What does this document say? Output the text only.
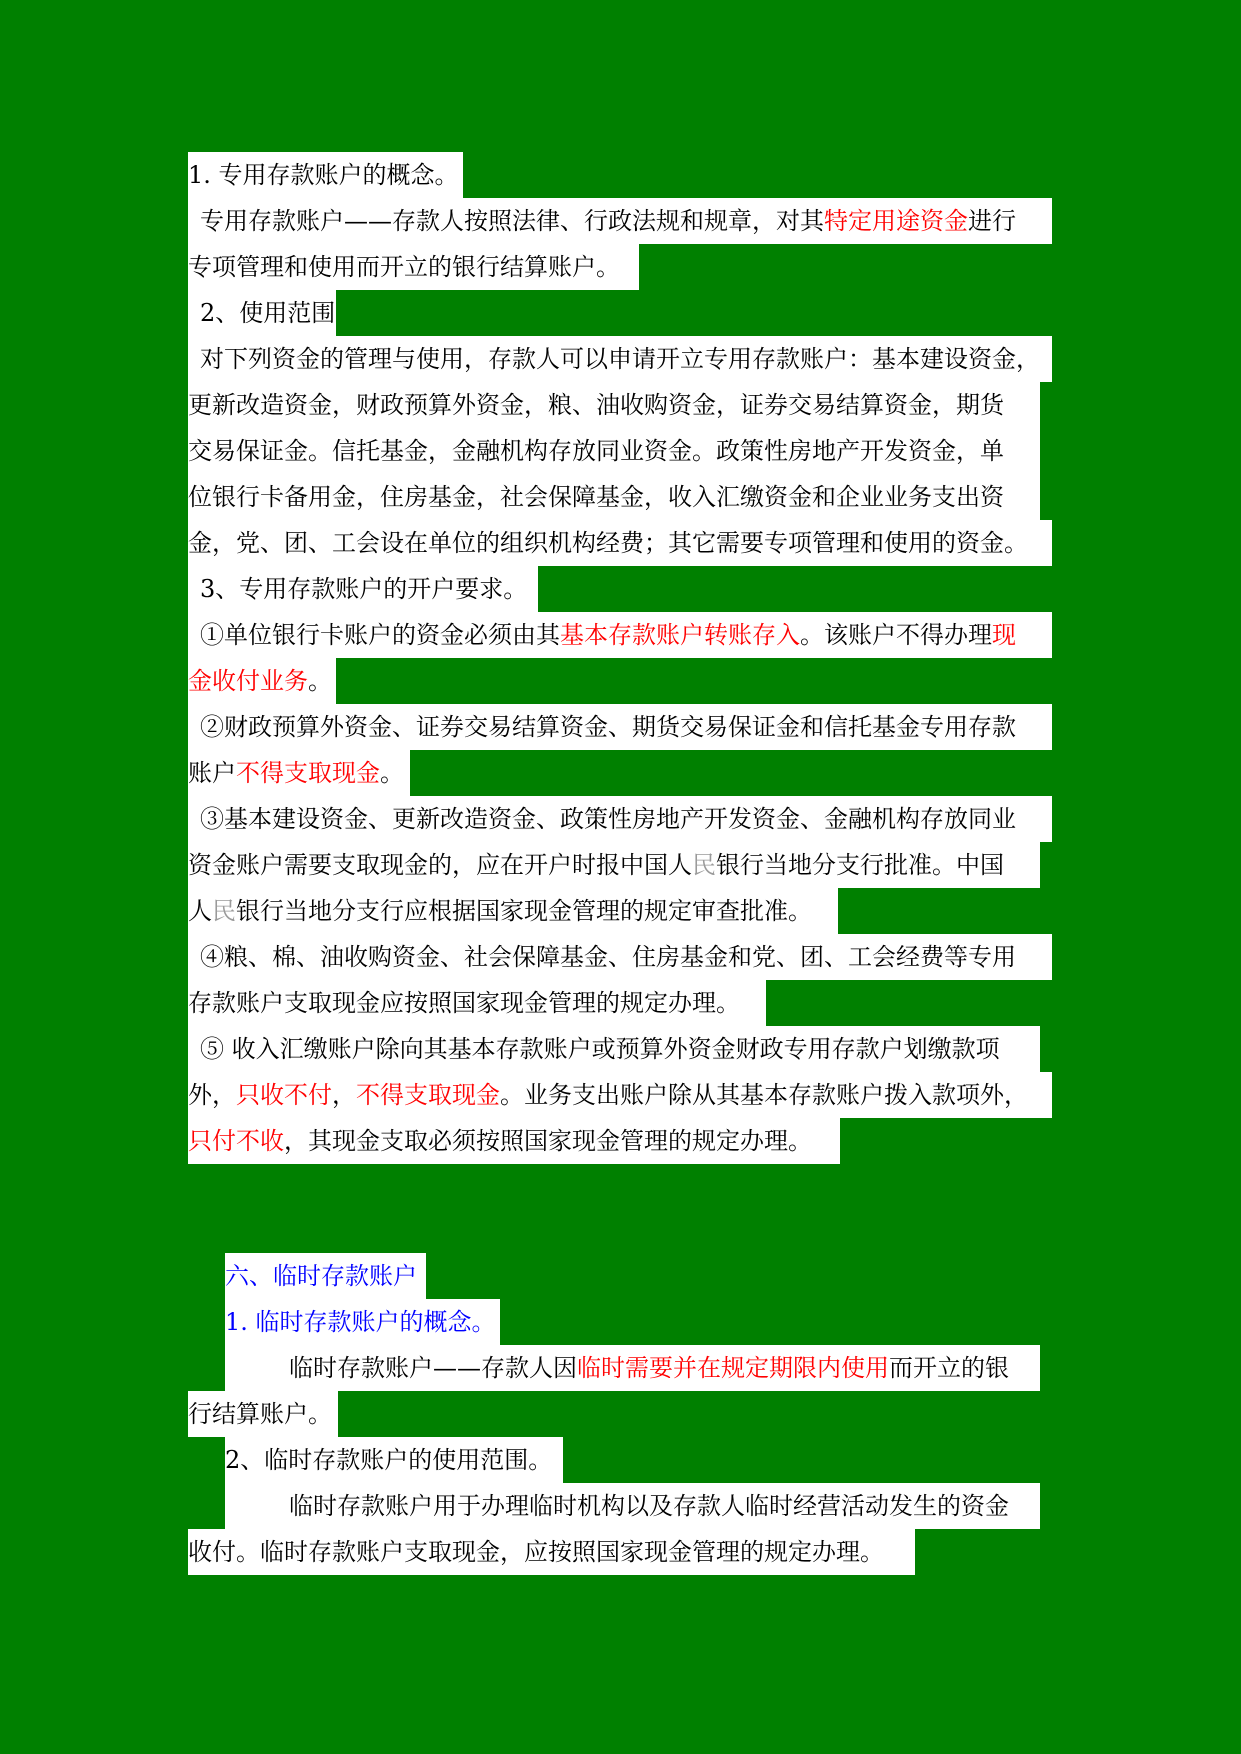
1. 专用存款账户的概念。
专用存款账户——存款人按照法律、行政法规和规章，对其特定用途资金进行
专项管理和使用而开立的银行结算账户。
2、使用范围
对下列资金的管理与使用，存款人可以申请开立专用存款账户：基本建设资金，
更新改造资金，财政预算外资金，粮、油收购资金，证券交易结算资金，期货
交易保证金。信托基金，金融机构存放同业资金。政策性房地产开发资金，单
位银行卡备用金，住房基金，社会保障基金，收入汇缴资金和企业业务支出资
金，党、团、工会设在单位的组织机构经费；其它需要专项管理和使用的资金。
3、专用存款账户的开户要求。
①单位银行卡账户的资金必须由其基本存款账户转账存入。该账户不得办理现
金收付业务。
②财政预算外资金、证券交易结算资金、期货交易保证金和信托基金专用存款
账户不得支取现金。
③基本建设资金、更新改造资金、政策性房地产开发资金、金融机构存放同业
资金账户需要支取现金的，应在开户时报中国人民银行当地分支行批准。中国
人民银行当地分支行应根据国家现金管理的规定审查批准。
④粮、棉、油收购资金、社会保障基金、住房基金和党、团、工会经费等专用
存款账户支取现金应按照国家现金管理的规定办理。
⑤ 收入汇缴账户除向其基本存款账户或预算外资金财政专用存款户划缴款项
外，只收不付，不得支取现金。业务支出账户除从其基本存款账户拨入款项外，
只付不收，其现金支取必须按照国家现金管理的规定办理。
六、临时存款账户
1. 临时存款账户的概念。
临时存款账户——存款人因临时需要并在规定期限内使用而开立的银
行结算账户。
2、临时存款账户的使用范围。
临时存款账户用于办理临时机构以及存款人临时经营活动发生的资金
收付。临时存款账户支取现金，应按照国家现金管理的规定办理。
